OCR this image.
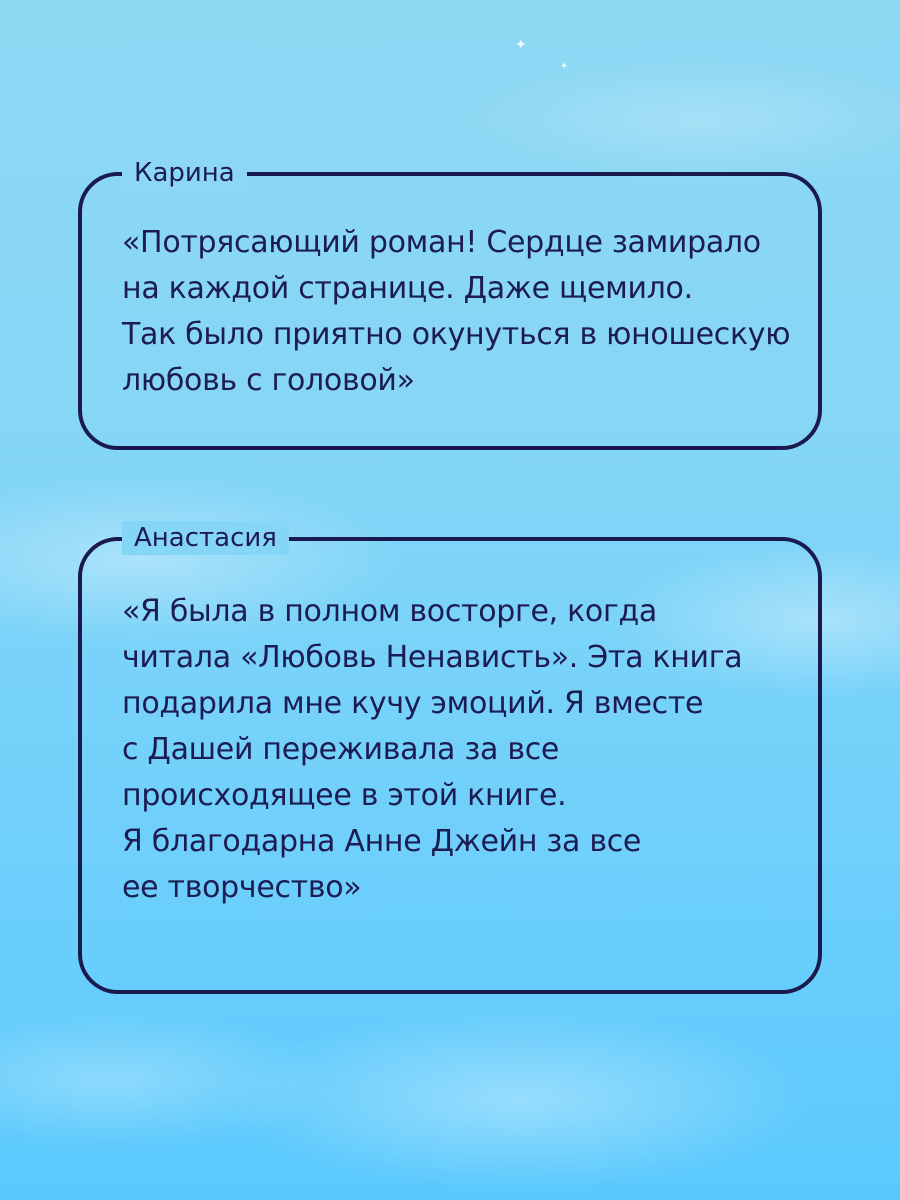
✦
✦
Карина
«Потрясающий роман! Сердце замирало
на каждой странице. Даже щемило.
Так было приятно окунуться в юношескую
любовь с головой»
Анастасия
«Я была в полном восторге, когда
читала «Любовь Ненависть». Эта книга
подарила мне кучу эмоций. Я вместе
с Дашей переживала за все
происходящее в этой книге.
Я благодарна Анне Джейн за все
ее творчество»
